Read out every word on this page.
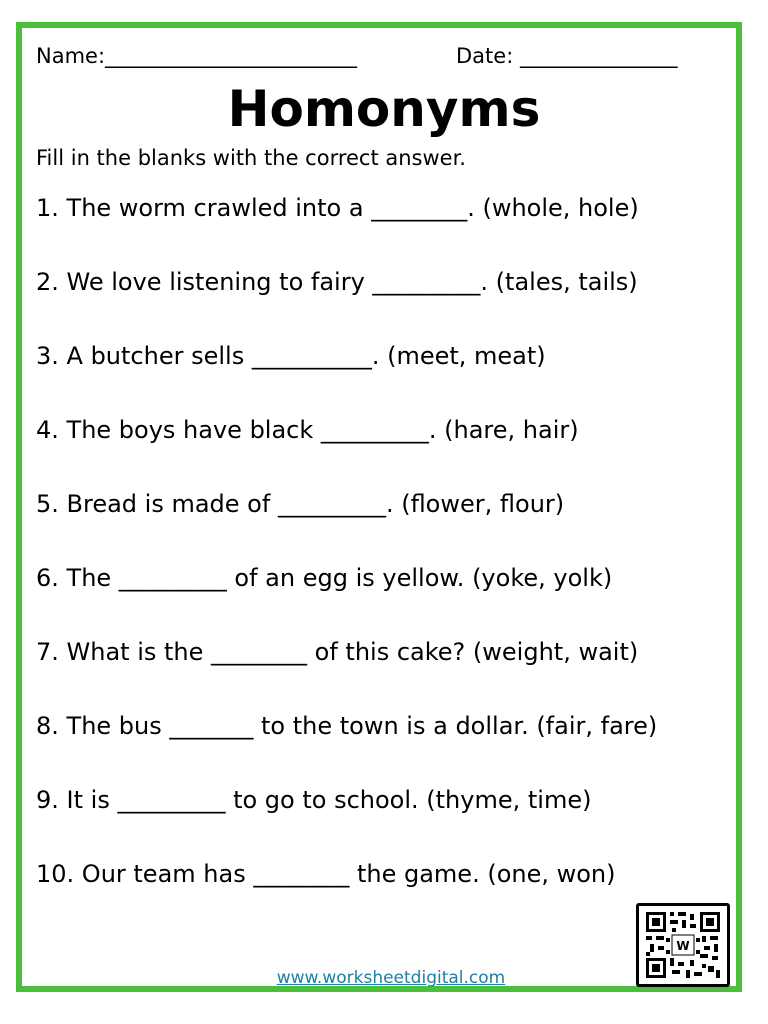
Name:________________________	Date: _______________
Homonyms
Fill in the blanks with the correct answer.
1. The worm crawled into a ________. (whole, hole)
2. We love listening to fairy _________. (tales, tails)
3. A butcher sells __________. (meet, meat)
4. The boys have black _________. (hare, hair)
5. Bread is made of _________. (flower, flour)
6. The _________ of an egg is yellow. (yoke, yolk)
7. What is the ________ of this cake? (weight, wait)
8. The bus _______ to the town is a dollar. (fair, fare)
9. It is _________ to go to school. (thyme, time)
10. Our team has ________ the game. (one, won)
W
www.worksheetdigital.com
